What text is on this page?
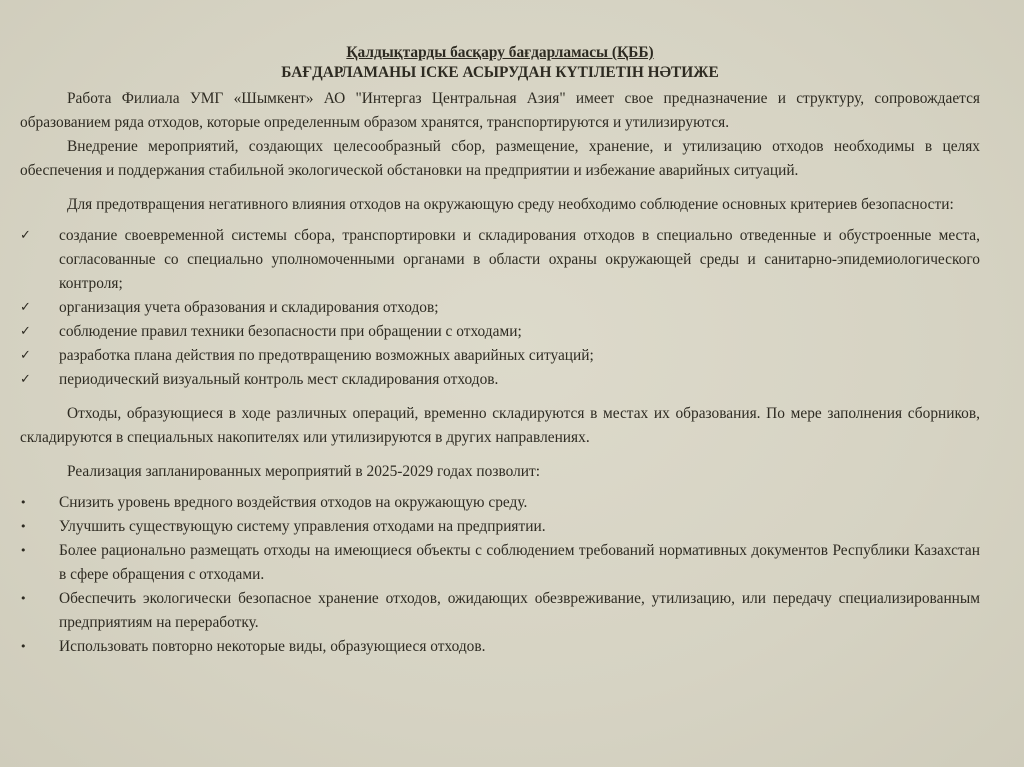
Қалдықтарды басқару бағдарламасы (ҚББ)
БАҒДАРЛАМАНЫ ІСКЕ АСЫРУДАН КҮТІЛЕТІН НӘТИЖЕ

Работа Филиала УМГ «Шымкент» АО "Интергаз Центральная Азия" имеет свое предназначение и структуру, сопровождается образованием ряда отходов, которые определенным образом хранятся, транспортируются и утилизируются.

Внедрение мероприятий, создающих целесообразный сбор, размещение, хранение, и утилизацию отходов необходимы в целях обеспечения и поддержания стабильной экологической обстановки на предприятии и избежание аварийных ситуаций.

Для предотвращения негативного влияния отходов на окружающую среду необходимо соблюдение основных критериев безопасности:

✓	создание своевременной системы сбора, транспортировки и складирования отходов в специально отведенные и обустроенные места, согласованные со специально уполномоченными органами в области охраны окружающей среды и санитарно-эпидемиологического контроля;
✓	организация учета образования и складирования отходов;
✓	соблюдение правил техники безопасности при обращении с отходами;
✓	разработка плана действия по предотвращению возможных аварийных ситуаций;
✓	периодический визуальный контроль мест складирования отходов.

Отходы, образующиеся в ходе различных операций, временно складируются в местах их образования. По мере заполнения сборников, складируются в специальных накопителях или утилизируются в других направлениях.

Реализация запланированных мероприятий в 2025-2029 годах позволит:

•	Снизить уровень вредного воздействия отходов на окружающую среду.
•	Улучшить существующую систему управления отходами на предприятии.
•	Более рационально размещать отходы на имеющиеся объекты с соблюдением требований нормативных документов Республики Казахстан в сфере обращения с отходами.
•	Обеспечить экологически безопасное хранение отходов, ожидающих обезвреживание, утилизацию, или передачу специализированным предприятиям на переработку.
•	Использовать повторно некоторые виды, образующиеся отходов.
